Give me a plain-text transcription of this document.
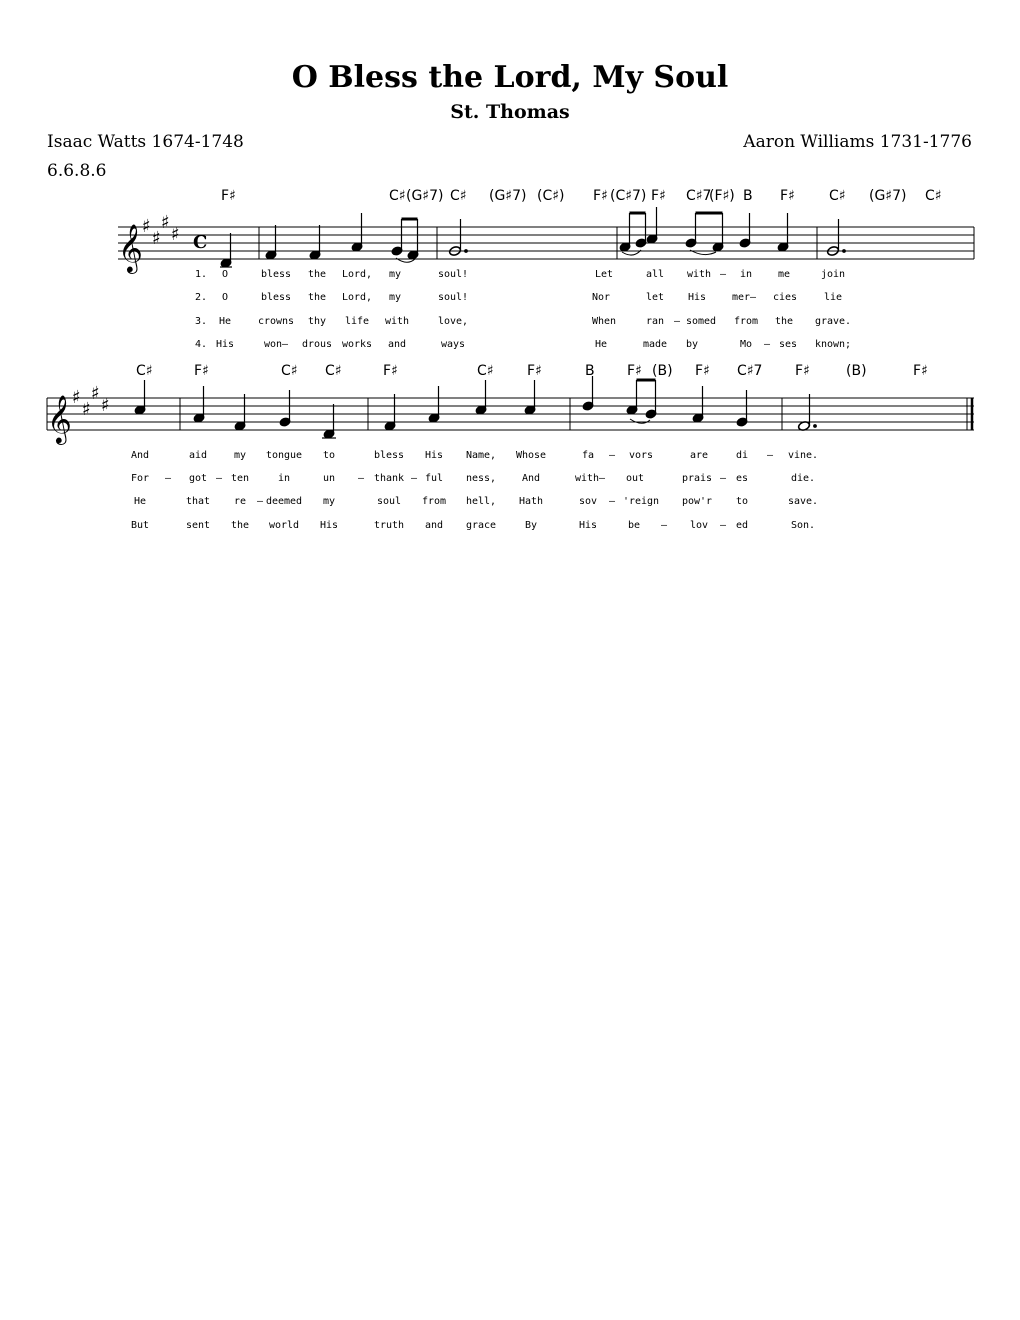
O Bless the Lord, My Soul
St. Thomas
Isaac Watts 1674-1748	Aaron Williams 1731-1776
6.6.8.6
𝄞 ♯
♯
♯
♯ C
F♯	C♯ (G♯7) C♯ (G♯7) (C♯) F♯ (C♯7) F♯ C♯7
(F♯) B F♯ C♯ (G♯7) C♯
1. O	bless the Lord, my	soul!	Let	all with – in	me	join
2. O	bless the Lord, my	soul!	Nor	let His	mer– cies	lie
3. He	crowns thy life with	love,	When	ran – somed from the grave.
4. His	won– drous works and	ways	He	made by	Mo – ses known;
𝄞 ♯
♯
♯
♯
C♯	F♯	C♯ C♯	F♯	C♯ F♯	B F♯ (B) F♯ C♯7 F♯	(B)	F♯
And	aid	my tongue to	bless His Name, Whose	fa – vors	are	di – vine.
For – got – ten	in	un – thank – ful ness,	And	with– out	prais – es	die.
He	that re – deemed my	soul from hell, Hath	sov – 'reign pow'r to	save.
But	sent the world His	truth and grace	By	His	be – lov – ed	Son.
